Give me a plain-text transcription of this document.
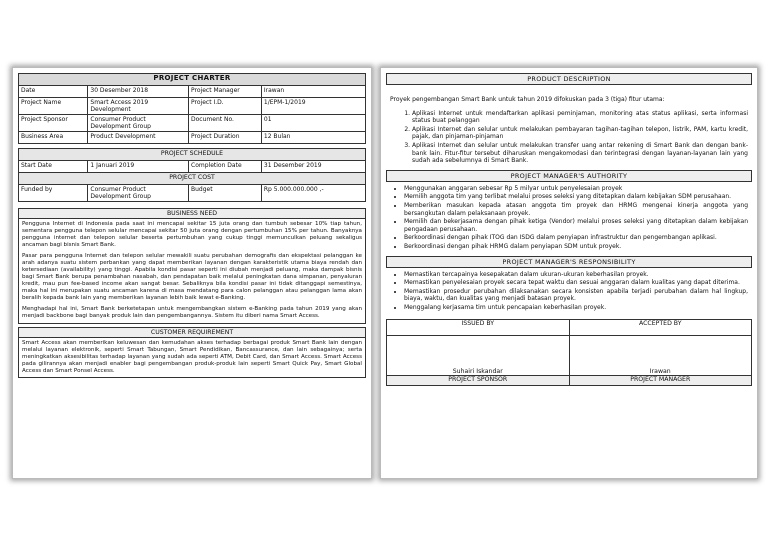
PROJECT CHARTER			
Date	30 Desember 2018	Project Manager	Irawan
Project Name	Smart Access 2019 Development	Project I.D.	1/EPM-1/2019
Project Sponsor	Consumer Product Development Group	Document No.	01
Business Area	Product Development	Project Duration	12 Bulan
PROJECT SCHEDULE			
Start Date	1 Januari 2019	Completion Date	31 Desember 2019
PROJECT COST			
Funded by	Consumer Product Development Group	Budget	Rp 5.000.000.000 ,-
BUSINESS NEED

Pengguna Internet di Indonesia pada saat ini mencapai sekitar 15 juta orang dan tumbuh sebesar 10% tiap tahun, sementara pengguna telepon selular mencapai sekitar 50 juta orang dengan pertumbuhan 15% per tahun. Banyaknya pengguna internet dan telepon selular beserta pertumbuhan yang cukup tinggi memunculkan peluang sekaligus ancaman bagi bisnis Smart Bank.

Pasar para pengguna Internet dan telepon selular mewakili suatu perubahan demografis dan ekspektasi pelanggan ke arah adanya suatu sistem perbankan yang dapat memberikan layanan dengan karakteristik utama biaya rendah dan ketersediaan (availability) yang tinggi. Apabila kondisi pasar seperti ini diubah menjadi peluang, maka dampak bisnis bagi Smart Bank berupa penambahan nasabah, dan pendapatan baik melalui peningkatan dana simpanan, penyaluran kredit, mau pun fee-based income akan sangat besar. Sebaliknya bila kondisi pasar ini tidak ditanggapi semestinya, maka hal ini merupakan suatu ancaman karena di masa mendatang para calon pelanggan atau pelanggan lama akan beralih kepada bank lain yang memberikan layanan lebih baik lewat e-Banking.

Menghadapi hal ini, Smart Bank berketetapan untuk mengembangkan sistem e-Banking pada tahun 2019 yang akan menjadi backbone bagi banyak produk lain dan pengembangannya. Sistem itu diberi nama Smart Access.

CUSTOMER REQUIREMENT

Smart Access akan memberikan keluwesan dan kemudahan akses terhadap berbagai produk Smart Bank lain dengan melalui layanan elektronik, seperti Smart Tabungan, Smart Pendidikan, Bancassurance, dan lain sebagainya; serta meningkatkan aksesibilitas terhadap layanan yang sudah ada seperti ATM, Debit Card, dan Smart Access. Smart Access pada gilirannya akan menjadi enabler bagi pengembangan produk-produk lain seperti Smart Quick Pay, Smart Global Access dan Smart Ponsel Access.

PRODUCT DESCRIPTION
Proyek pengembangan Smart Bank untuk tahun 2019 difokuskan pada 3 (tiga) fitur utama:
1. Aplikasi Internet untuk mendaftarkan aplikasi peminjaman, monitoring atas status aplikasi, serta informasi status buat pelanggan
2. Aplikasi Internet dan selular untuk melakukan pembayaran tagihan-tagihan telepon, listrik, PAM, kartu kredit, pajak, dan pinjaman-pinjaman
3. Aplikasi Internet dan selular untuk melakukan transfer uang antar rekening di Smart Bank dan dengan bank-bank lain. Fitur-fitur tersebut diharuskan mengakomodasi dan terintegrasi dengan layanan-layanan lain yang sudah ada sebelumnya di Smart Bank.
PROJECT MANAGER'S AUTHORITY
• Menggunakan anggaran sebesar Rp 5 milyar untuk penyelesaian proyek
• Memilih anggota tim yang terlibat melalui proses seleksi yang ditetapkan dalam kebijakan SDM perusahaan.
• Memberikan masukan kepada atasan anggota tim proyek dan HRMG mengenai kinerja anggota yang bersangkutan dalam pelaksanaan proyek.
• Memilih dan bekerjasama dengan pihak ketiga (Vendor) melalui proses seleksi yang ditetapkan dalam kebijakan pengadaan perusahaan.
• Berkoordinasi dengan pihak ITOG dan ISDG dalam penyiapan infrastruktur dan pengembangan aplikasi.
• Berkoordinasi dengan pihak HRMG dalam penyiapan SDM untuk proyek.
PROJECT MANAGER'S RESPONSIBILITY
• Memastikan tercapainya kesepakatan dalam ukuran-ukuran keberhasilan proyek.
• Memastikan penyelesaian proyek secara tepat waktu dan sesuai anggaran dalam kualitas yang dapat diterima.
• Memastikan prosedur perubahan dilaksanakan secara konsisten apabila terjadi perubahan dalam hal lingkup, biaya, waktu, dan kualitas yang menjadi batasan proyek.
• Menggalang kerjasama tim untuk pencapaian keberhasilan proyek.
ISSUED BY	ACCEPTED BY
Suhairi Iskandar	Irawan
PROJECT SPONSOR	PROJECT MANAGER
